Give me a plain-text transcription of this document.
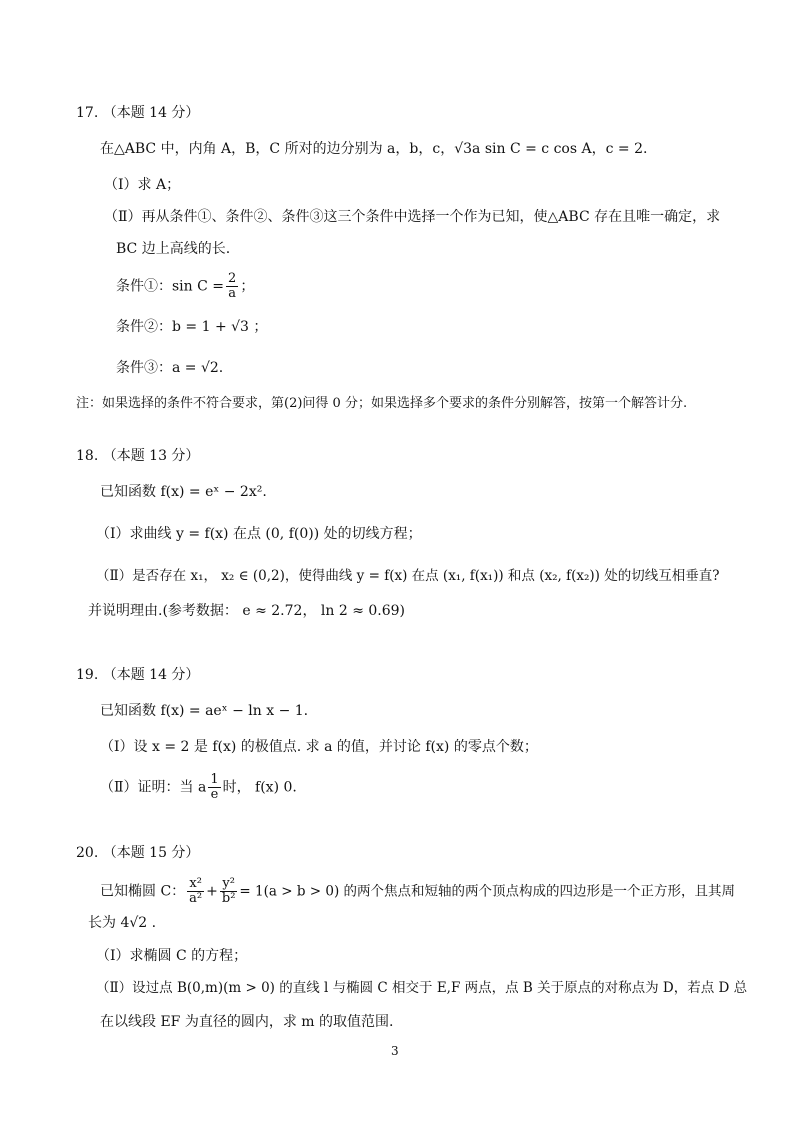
17. （本题 14 分）
在△ABC 中，内角 A，B，C 所对的边分别为 a，b，c，√3a sin C = c cos A，c = 2.
（Ⅰ）求 A；
（Ⅱ）再从条件①、条件②、条件③这三个条件中选择一个作为已知，使△ABC 存在且唯一确定，求
BC 边上高线的长.
条件①：$\sin C = \frac{2}{a}$ ；
条件②：b = 1 + √3 ；
条件③：a = √2.
注：如果选择的条件不符合要求，第(2)问得 0 分；如果选择多个要求的条件分别解答，按第一个解答计分.
18. （本题 13 分）
已知函数 f(x) = eˣ − 2x².
（Ⅰ）求曲线 y = f(x) 在点 (0, f(0)) 处的切线方程；
（Ⅱ）是否存在 x₁， x₂ ∈ (0,2)，使得曲线 y = f(x) 在点 (x₁, f(x₁)) 和点 (x₂, f(x₂)) 处的切线互相垂直?
并说明理由.(参考数据： e ≈ 2.72， ln 2 ≈ 0.69)
19. （本题 14 分）
已知函数 f(x) = aeˣ − ln x − 1.
（Ⅰ）设 x = 2 是 f(x) 的极值点. 求 a 的值，并讨论 f(x) 的零点个数；
（Ⅱ）证明：当 a $\frac{1}{e}$ 时， f(x) 0.
20. （本题 15 分）
已知椭圆 C： $\frac{\text{x²}}{\text{a²}} + \frac{\text{y²}}{\text{b²}} = 1(a > b > 0)$ 的两个焦点和短轴的两个顶点构成的四边形是一个正方形，且其周
长为 4√2 .
（Ⅰ）求椭圆 C 的方程；
（Ⅱ）设过点 B(0,m)(m > 0) 的直线 l 与椭圆 C 相交于 E,F 两点，点 B 关于原点的对称点为 D，若点 D 总
在以线段 EF 为直径的圆内，求 m 的取值范围.
3
